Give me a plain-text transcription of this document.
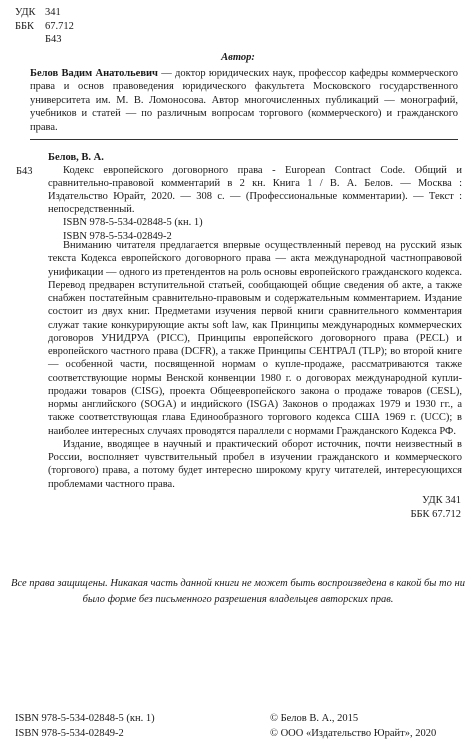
УДК 341
ББК 67.712
Б43
Автор:
Белов Вадим Анатольевич — доктор юридических наук, профессор кафедры коммерческого права и основ правоведения юридического факультета Московского государственного университета им. М. В. Ломоносова. Автор многочисленных публикаций — монографий, учебников и статей — по различным вопросам торгового (коммерческого) и гражданского права.
Б43

Белов, В. А.

Кодекс европейского договорного права - European Contract Code. Общий и сравнительно-правовой комментарий в 2 кн. Книга 1 / В. А. Белов. — Москва : Издательство Юрайт, 2020. — 308 с. — (Профессиональные комментарии). — Текст : непосредственный.

ISBN 978-5-534-02848-5 (кн. 1)

ISBN 978-5-534-02849-2

Вниманию читателя предлагается впервые осуществленный перевод на русский язык текста Кодекса европейского договорного права — акта международной частноправовой унификации — одного из претендентов на роль основы европейского гражданского кодекса. Перевод предварен вступительной статьей, сообщающей общие сведения об акте, а также снабжен постатейным сравнительно-правовым и содержательным комментарием. Издание состоит из двух книг. Предметами изучения первой книги сравнительного комментария служат такие конкурирующие акты soft law, как Принципы международных коммерческих договоров УНИДРУА (PICC), Принципы европейского договорного права (PECL) и европейского частного права (DCFR), а также Принципы СЕНТРАЛ (TLP); во второй книге — особенной части, посвященной нормам о купле-продаже, рассматриваются также соответствующие нормы Венской конвенции 1980 г. о договорах международной купли-продажи товаров (CISG), проекта Общеевропейского закона о продаже товаров (CESL), нормы английского (SOGA) и индийского (ISGA) Законов о продажах 1979 и 1930 гг., а также соответствующая глава Единообразного торгового кодекса США 1969 г. (UCC); в наиболее интересных случаях проводятся параллели с нормами Гражданского Кодекса РФ.

Издание, вводящее в научный и практический оборот источник, почти неизвестный в России, восполняет чувствительный пробел в изучении гражданского и коммерческого (торгового) права, а потому будет интересно широкому кругу читателей, интересующихся проблемами частного права.

УДК 341
ББК 67.712
Все права защищены. Никакая часть данной книги не может быть воспроизведена в какой бы то ни было форме без письменного разрешения владельцев авторских прав.
ISBN 978-5-534-02848-5 (кн. 1)
ISBN 978-5-534-02849-2
© Белов В. А., 2015
© ООО «Издательство Юрайт», 2020
